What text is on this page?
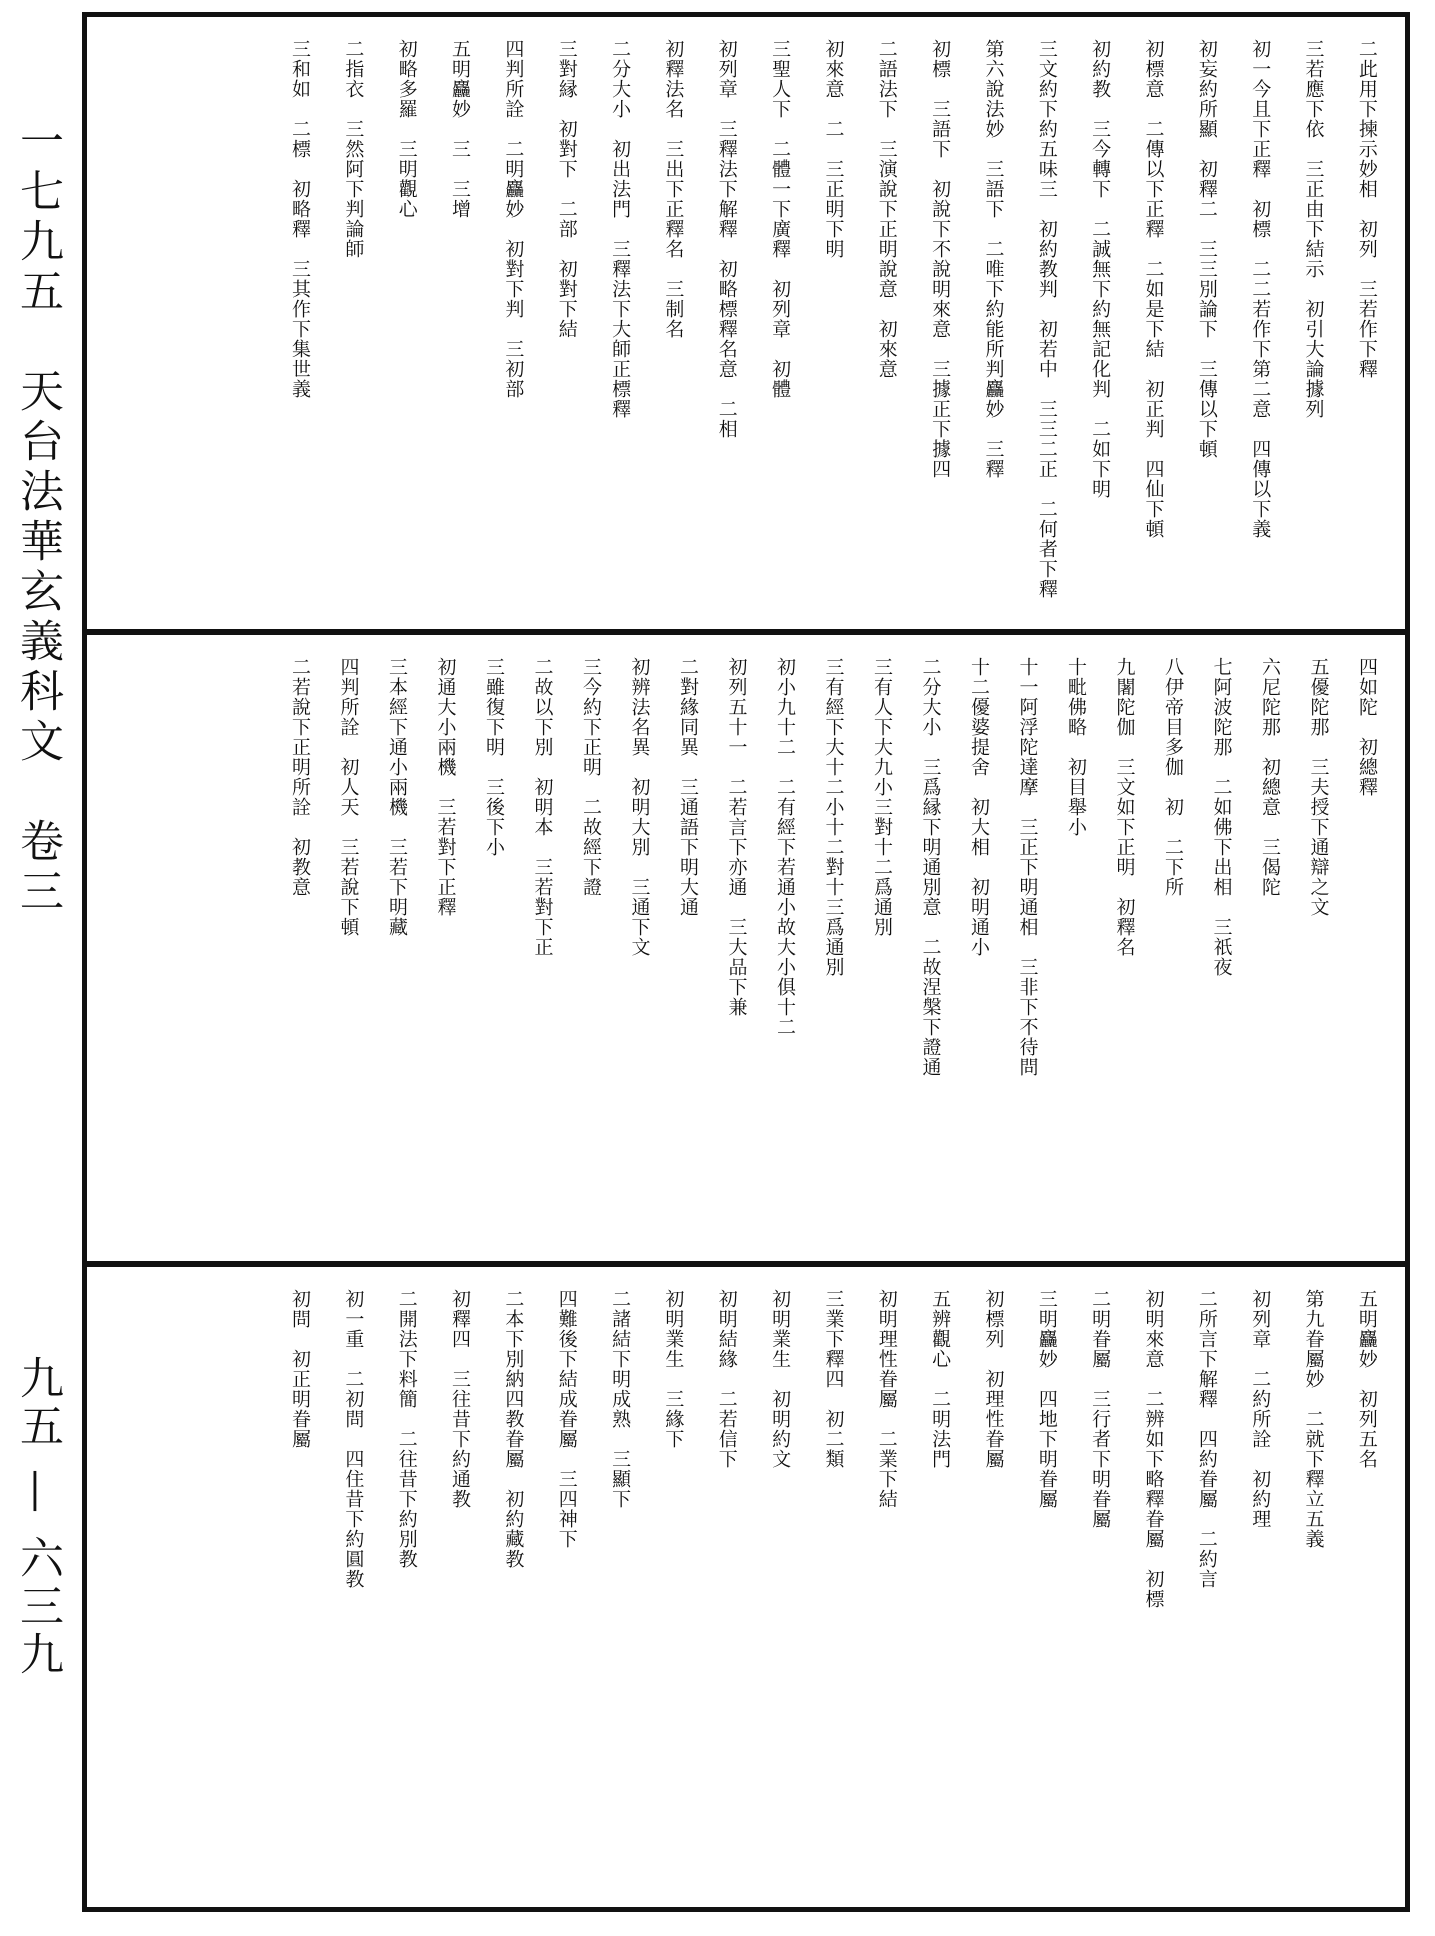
一七九五　天台法華玄義科文　卷三
九五 — 六三九
二此用下揀示妙相　初列　三若作下釋
三若應下依　三正由下結示　初引大論據列
初一今且下正釋　初標　二二若作下第二意　四傳以下義
初妄約所顯　初釋二　三三別論下　三傳以下頓
初標意　二傳以下正釋　二如是下結　初正判　四仙下頓
初約教　三今轉下　二誠無下約無記化判　二如下明
三文約下約五味三　初約教判　初若中　三三二正　二何者下釋
第六說法妙　三語下　二唯下約能所判麤妙　三釋
初標　三語下　初說下不說明來意　三據正下據四
二語法下　三演說下正明說意　初來意
初來意　二　三正明下明
三聖人下　二體一下廣釋　初列章　初體
初列章　三釋法下解釋　初略標釋名意　二相
初釋法名　三出下正釋名　三制名
二分大小　初出法門　三釋法下大師正標釋
三對縁　初對下　二部　初對下結
四判所詮　二明麤妙　初對下判　三初部
五明麤妙　三　三增
初略多羅　三明觀心
二指衣　三然阿下判論師
三和如　二標　初略釋　三其作下集世義
四如陀　初總釋
五優陀那　三夫授下通辯之文
六尼陀那　初總意　三偈陀
七阿波陀那　二如佛下出相　三祇夜
八伊帝目多伽　初　二下所
九闍陀伽　三文如下正明　初釋名
十毗佛略　初目舉小
十一阿浮陀達摩　三正下明通相　三非下不待問
十二優婆提舍　初大相　初明通小
二分大小　三爲縁下明通別意　二故涅槃下證通
三有人下大九小三對十二爲通別
三有經下大十二小十二對十三爲通別
初小九十二　二有經下若通小故大小俱十二
初列五十一　二若言下亦通　三大品下兼
二對緣同異　三通語下明大通
初辨法名異　初明大別　三通下文
三今約下正明　二故經下證
二故以下別　初明本　三若對下正
三雖復下明　三後下小
初通大小兩機　三若對下正釋
三本經下通小兩機　三若下明藏
四判所詮　初人天　三若說下頓
二若說下正明所詮　初教意
五明麤妙　初列五名
第九眷屬妙　二就下釋立五義
初列章　二約所詮　初約理
二所言下解釋　四約眷屬　二約言
初明來意　二辨如下略釋眷屬　初標
二明眷屬　三行者下明眷屬
三明麤妙　四地下明眷屬
初標列　初理性眷屬
五辨觀心　二明法門
初明理性眷屬　二業下結
三業下釋四　初二類
初明業生　初明約文
初明結緣　二若信下
初明業生　三緣下
二諸結下明成熟　三顯下
四難後下結成眷屬　三四神下
二本下別納四教眷屬　初約藏教
初釋四　三往昔下約通教
二開法下料簡　二往昔下約別教
初一重　二初問　四住昔下約圓教
初問　初正明眷屬
